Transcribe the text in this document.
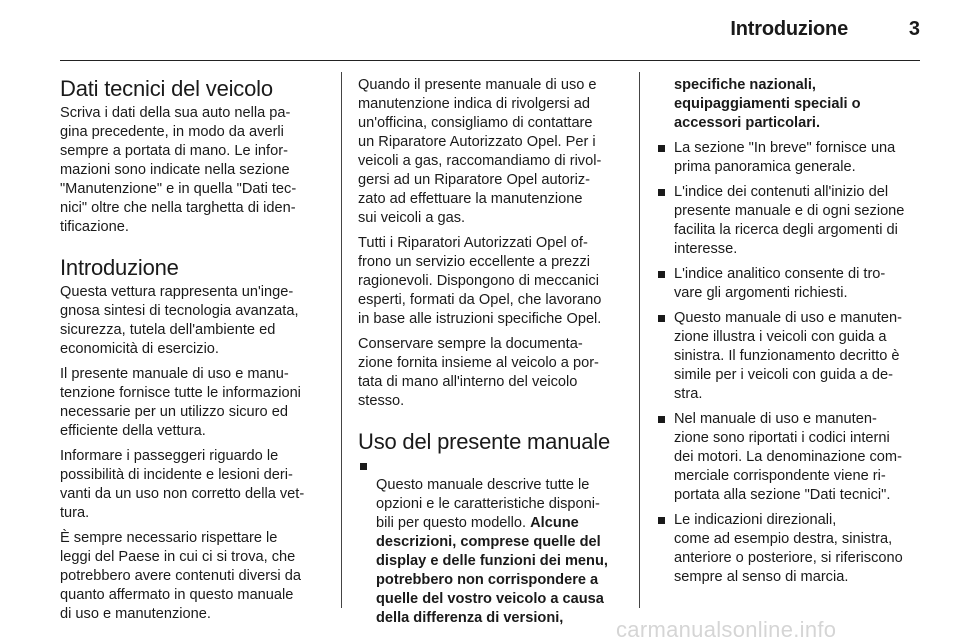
Introduzione	3
Dati tecnici del veicolo

Scriva i dati della sua auto nella pa-
gina precedente, in modo da averli
sempre a portata di mano. Le infor-
mazioni sono indicate nella sezione
"Manutenzione" e in quella "Dati tec-
nici" oltre che nella targhetta di iden-
tificazione.

Introduzione

Questa vettura rappresenta un'inge-
gnosa sintesi di tecnologia avanzata,
sicurezza, tutela dell'ambiente ed
economicità di esercizio.

Il presente manuale di uso e manu-
tenzione fornisce tutte le informazioni
necessarie per un utilizzo sicuro ed
efficiente della vettura.

Informare i passeggeri riguardo le
possibilità di incidente e lesioni deri-
vanti da un uso non corretto della vet-
tura.

È sempre necessario rispettare le
leggi del Paese in cui ci si trova, che
potrebbero avere contenuti diversi da
quanto affermato in questo manuale
di uso e manutenzione.

Quando il presente manuale di uso e
manutenzione indica di rivolgersi ad
un'officina, consigliamo di contattare
un Riparatore Autorizzato Opel. Per i
veicoli a gas, raccomandiamo di rivol-
gersi ad un Riparatore Opel autoriz-
zato ad effettuare la manutenzione
sui veicoli a gas.

Tutti i Riparatori Autorizzati Opel of-
frono un servizio eccellente a prezzi
ragionevoli. Dispongono di meccanici
esperti, formati da Opel, che lavorano
in base alle istruzioni specifiche Opel.

Conservare sempre la documenta-
zione fornita insieme al veicolo a por-
tata di mano all'interno del veicolo
stesso.

Uso del presente manuale

Questo manuale descrive tutte le
opzioni e le caratteristiche disponi-
bili per questo modello. Alcune
descrizioni, comprese quelle del
display e delle funzioni dei menu,
potrebbero non corrispondere a
quelle del vostro veicolo a causa
della differenza di versioni,

specifiche nazionali,
equipaggiamenti speciali o
accessori particolari.

La sezione "In breve" fornisce una
prima panoramica generale.
L'indice dei contenuti all'inizio del
presente manuale e di ogni sezione
facilita la ricerca degli argomenti di
interesse.
L'indice analitico consente di tro-
vare gli argomenti richiesti.
Questo manuale di uso e manuten-
zione illustra i veicoli con guida a
sinistra. Il funzionamento decritto è
simile per i veicoli con guida a de-
stra.
Nel manuale di uso e manuten-
zione sono riportati i codici interni
dei motori. La denominazione com-
merciale corrispondente viene ri-
portata alla sezione "Dati tecnici".
Le indicazioni direzionali,
come ad esempio destra, sinistra,
anteriore o posteriore, si riferiscono
sempre al senso di marcia.
carmanualsonline.info
